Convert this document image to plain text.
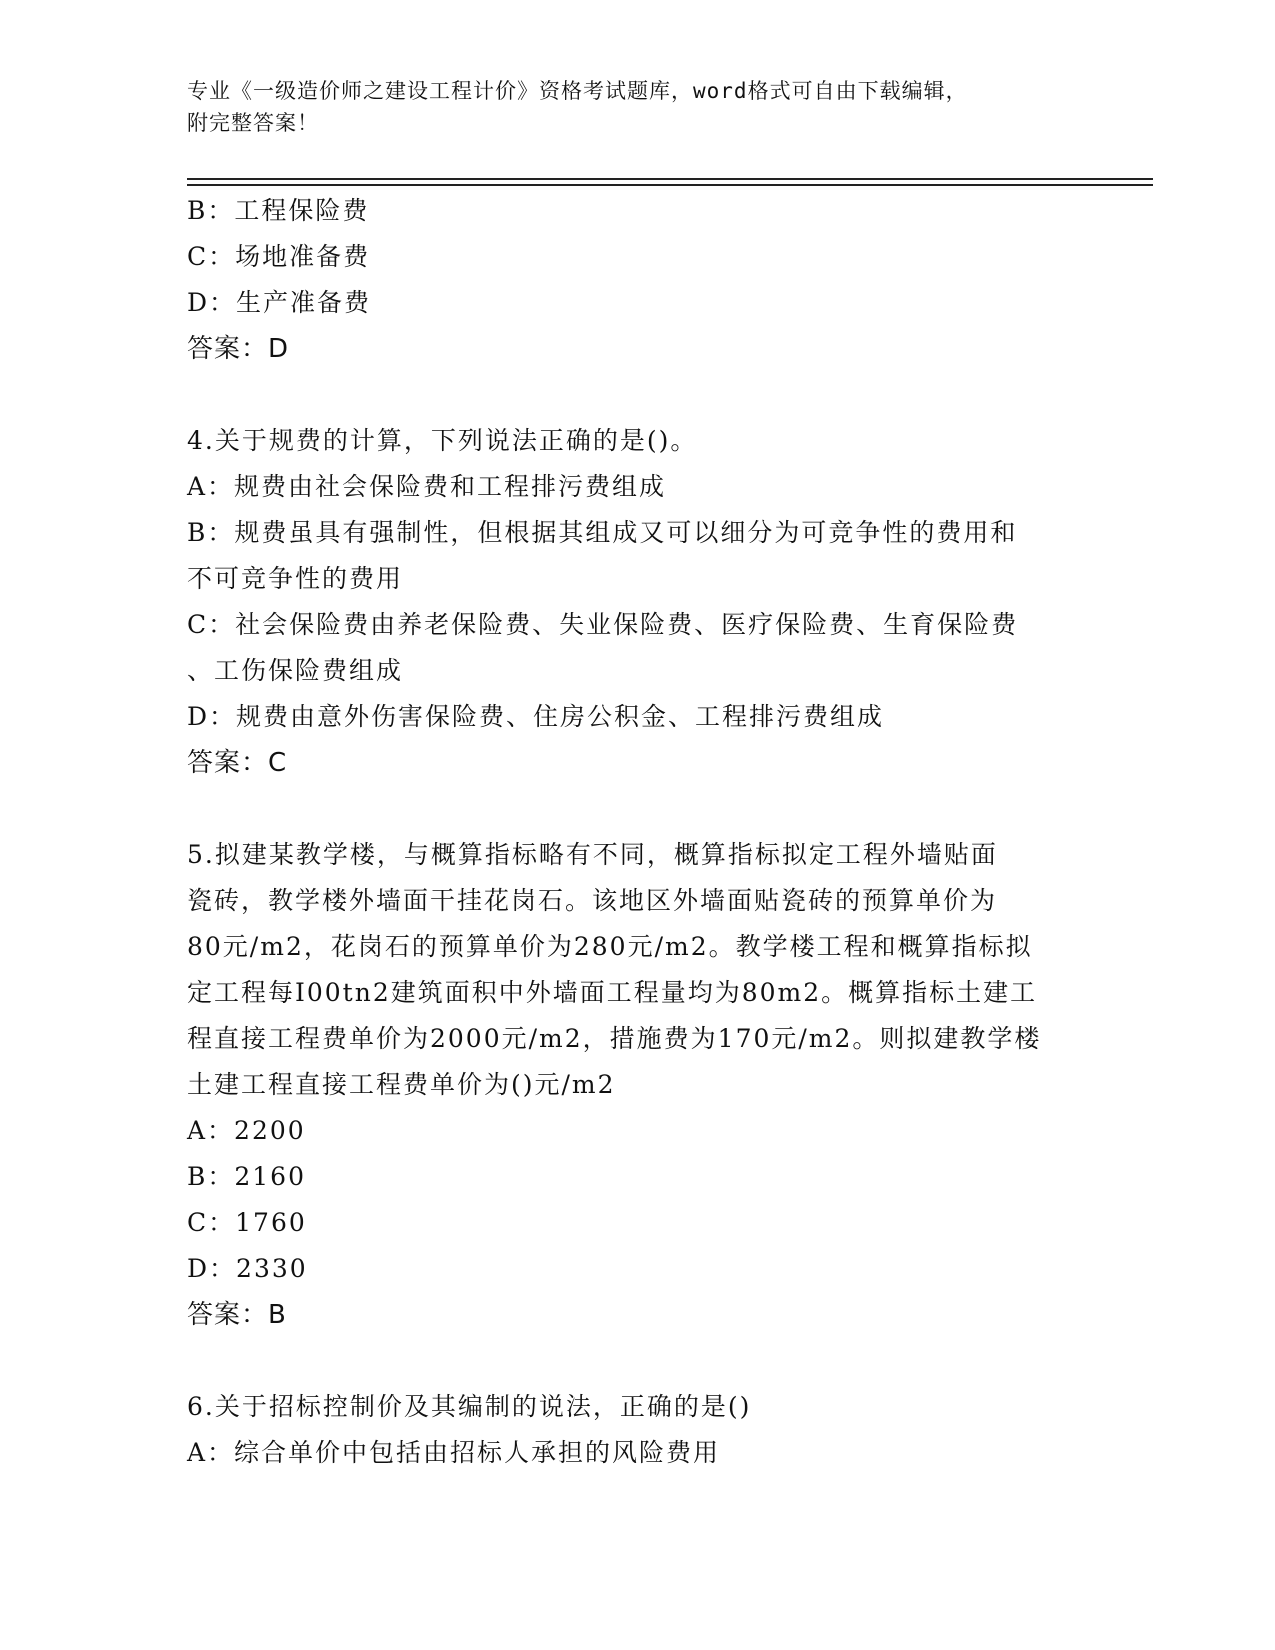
专业《一级造价师之建设工程计价》资格考试题库，word格式可自由下载编辑，
附完整答案！
B：工程保险费
C：场地准备费
D：生产准备费
答案：D
4.关于规费的计算，下列说法正确的是()。
A：规费由社会保险费和工程排污费组成
B：规费虽具有强制性，但根据其组成又可以细分为可竞争性的费用和
不可竞争性的费用
C：社会保险费由养老保险费、失业保险费、医疗保险费、生育保险费
、工伤保险费组成
D：规费由意外伤害保险费、住房公积金、工程排污费组成
答案：C
5.拟建某教学楼，与概算指标略有不同，概算指标拟定工程外墙贴面
瓷砖，教学楼外墙面干挂花岗石。该地区外墙面贴瓷砖的预算单价为
80元/m2，花岗石的预算单价为280元/m2。教学楼工程和概算指标拟
定工程每I00tn2建筑面积中外墙面工程量均为80m2。概算指标土建工
程直接工程费单价为2000元/m2，措施费为170元/m2。则拟建教学楼
土建工程直接工程费单价为()元/m2
A：2200
B：2160
C：1760
D：2330
答案：B
6.关于招标控制价及其编制的说法，正确的是()
A：综合单价中包括由招标人承担的风险费用
